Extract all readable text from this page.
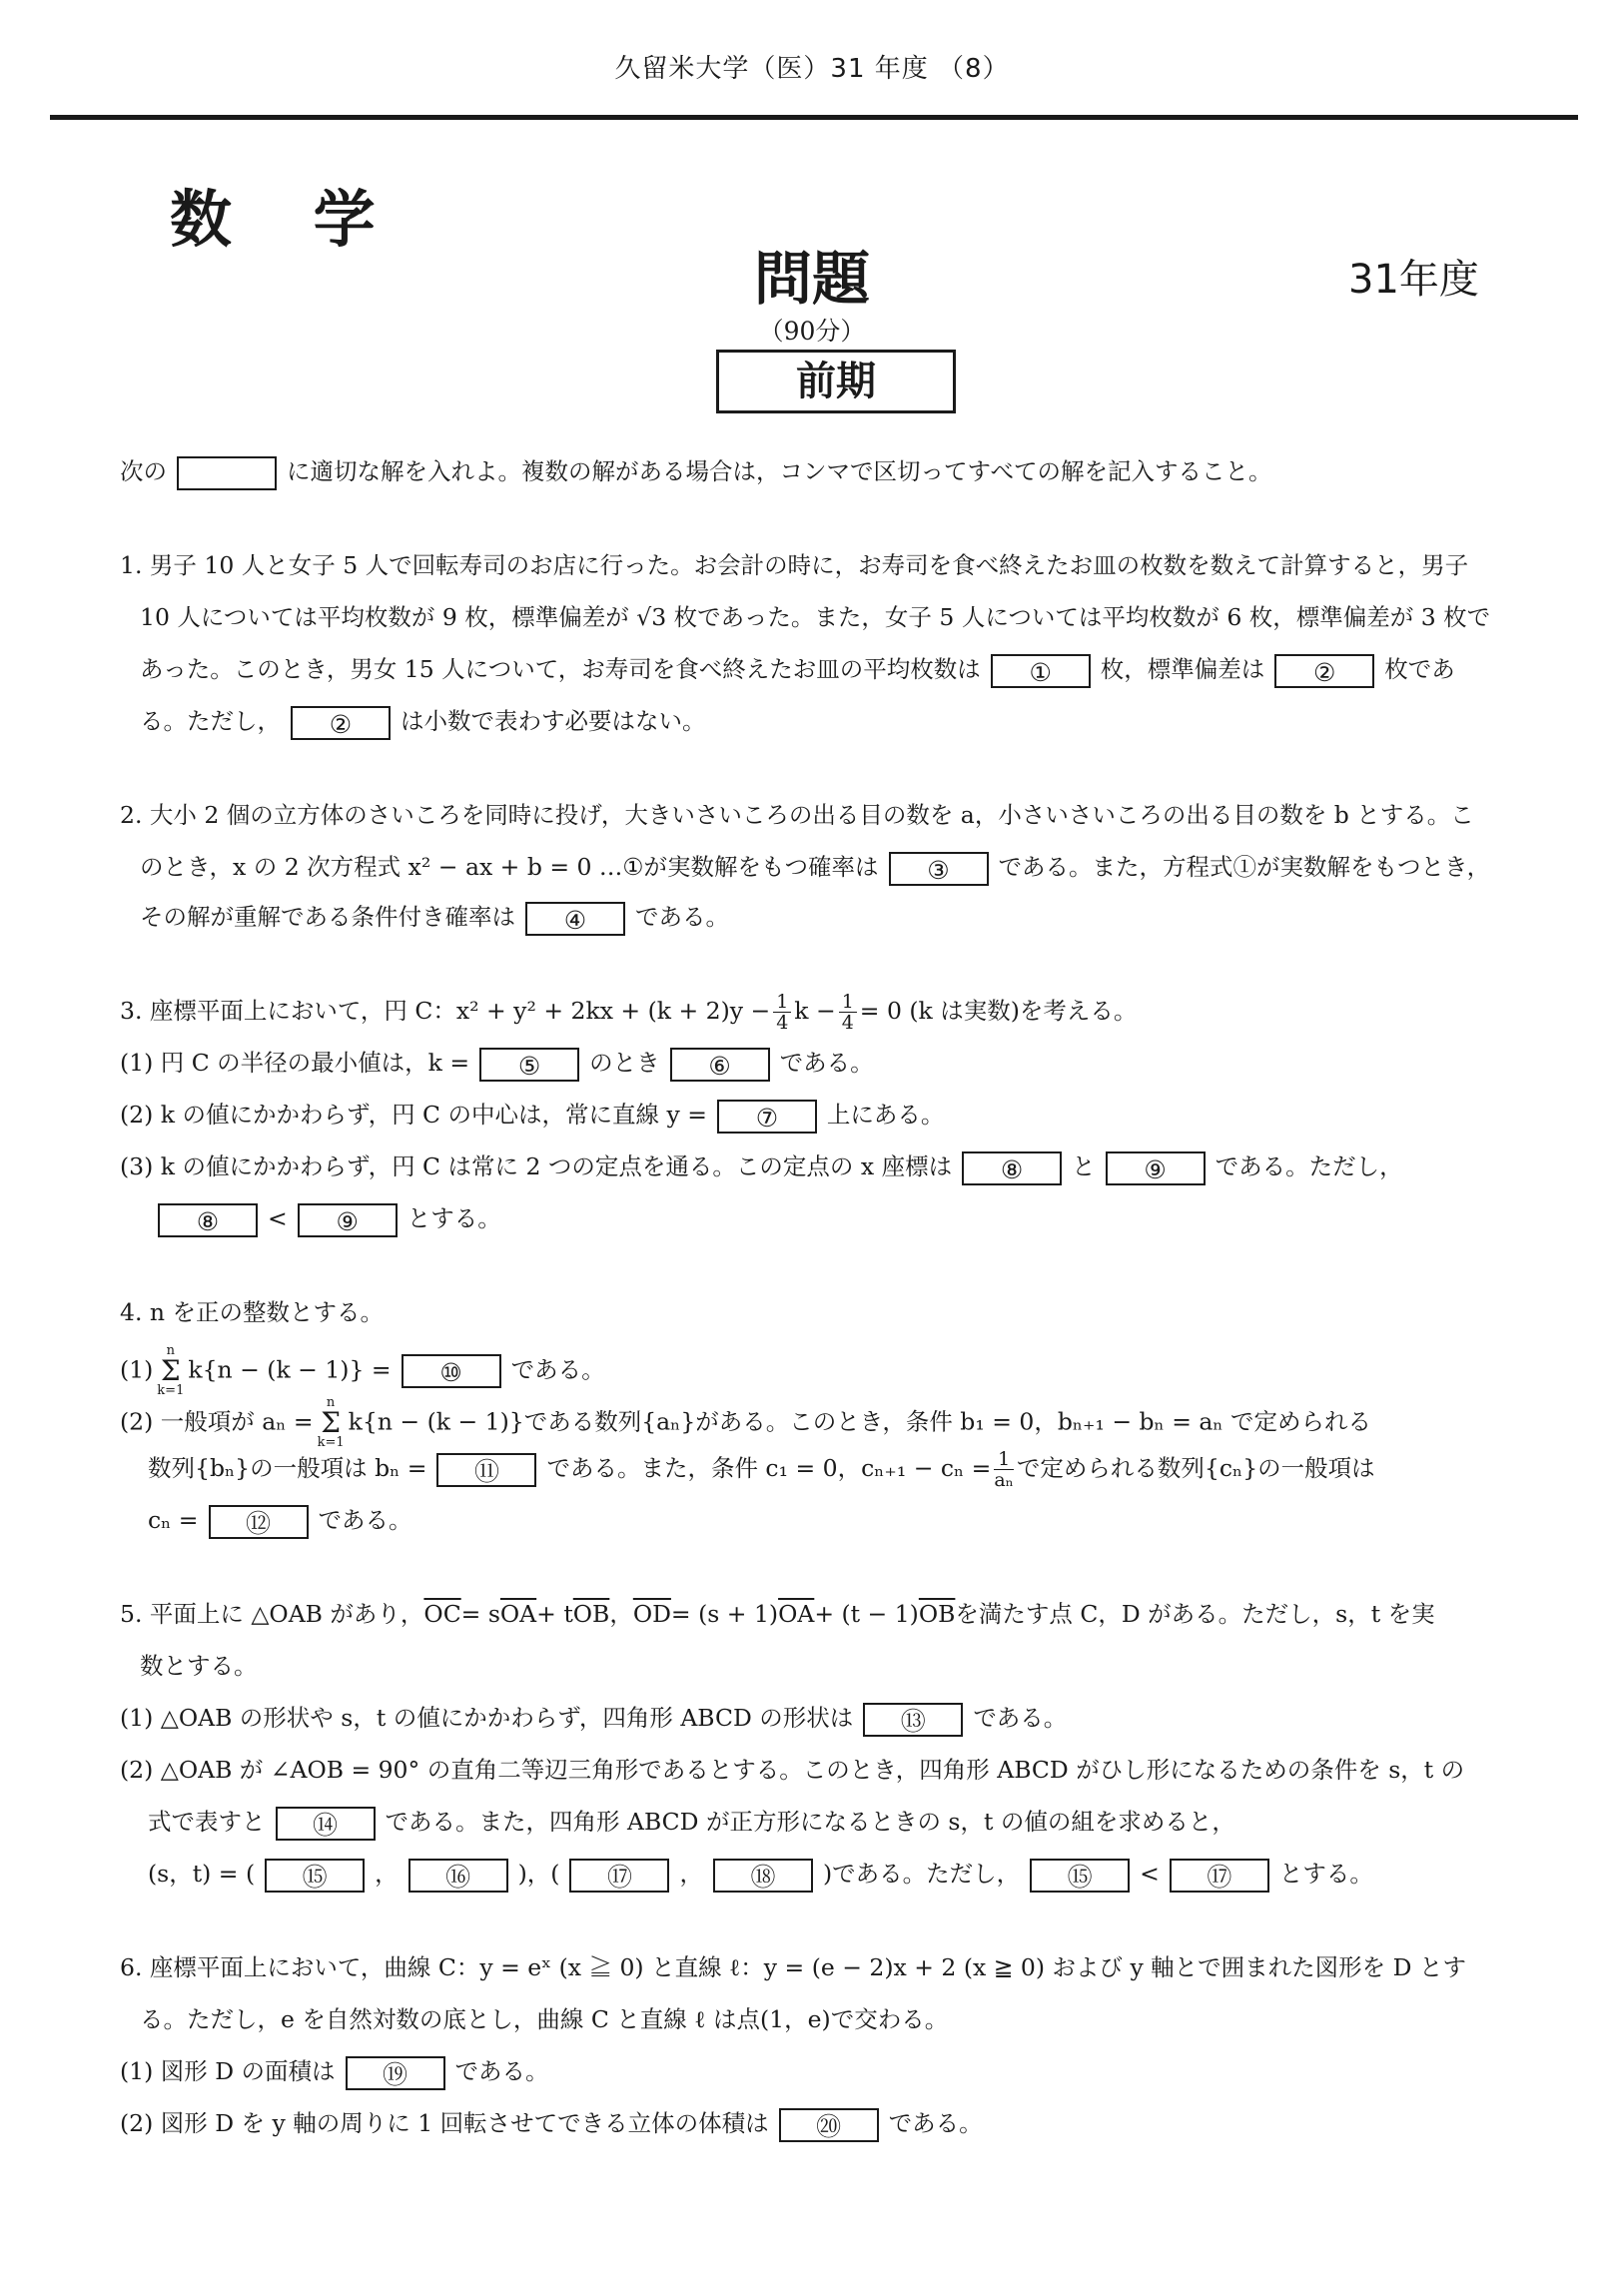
久留米大学（医）31 年度 （8）
数 学
問題	31年度
（90分）
前期
次の	に適切な解を入れよ。複数の解がある場合は，コンマで区切ってすべての解を記入すること。
1. 男子 10 人と女子 5 人で回転寿司のお店に行った。お会計の時に，お寿司を食べ終えたお皿の枚数を数えて計算すると，男子
10 人については平均枚数が 9 枚，標準偏差が √3 枚であった。また，女子 5 人については平均枚数が 6 枚，標準偏差が 3 枚で
あった。このとき，男女 15 人について，お寿司を食べ終えたお皿の平均枚数は ① 枚，標準偏差は ② 枚であ
る。ただし， ② は小数で表わす必要はない。
2. 大小 2 個の立方体のさいころを同時に投げ，大きいさいころの出る目の数を a，小さいさいころの出る目の数を b とする。こ
のとき，x の 2 次方程式 x² − ax + b = 0 …①が実数解をもつ確率は ③ である。また，方程式①が実数解をもつとき，
その解が重解である条件付き確率は ④ である。
3. 座標平面上において，円 C：$x^2 + y^2 + 2kx + (k + 2)y - \frac{1}{4}$ $k - \frac{1}{4} = 0$ (k は実数)を考える。
(1) 円 C の半径の最小値は，k = ⑤ のとき ⑥ である。
(2) k の値にかかわらず，円 C の中心は，常に直線 y = ⑦ 上にある。
(3) k の値にかかわらず，円 C は常に 2 つの定点を通る。この定点の x 座標は ⑧ と ⑨ である。ただし，
⑧ < ⑨ とする。
4. n を正の整数とする。
(1)n
Σ
k=1k{n − (k − 1)} = ⑩ である。
(2) 一般項が aₙ =n
Σ
k=1k{n − (k − 1)}である数列{aₙ}がある。このとき，条件 b₁ = 0，bₙ₊₁ − bₙ = aₙ で定められる
数列{bₙ}の一般項は bₙ = ⑪ である。また，条件 c₁ = 0，$c_{n+1} - c_n = \frac{1}{\text{aₙ}}$ で定められる数列{cₙ}の一般項は
cₙ = ⑫ である。
5. 平面上に △OAB があり，$\overline{OC}= s\overline{OA}+ t\overline{OB}$，$\overline{OD}= (s + 1)\overline{OA}+ (t - 1)\overline{OB}$を満たす点 C，D がある。ただし，s，t を実
数とする。
(1) △OAB の形状や s，t の値にかかわらず，四角形 ABCD の形状は ⑬ である。
(2) △OAB が ∠AOB = 90° の直角二等辺三角形であるとする。このとき，四角形 ABCD がひし形になるための条件を s，t の
式で表すと ⑭ である。また，四角形 ABCD が正方形になるときの s，t の値の組を求めると，
(s，t) = ( ⑮ ， ⑯ )，( ⑰ ， ⑱ )である。ただし， ⑮ < ⑰ とする。
6. 座標平面上において，曲線 C：y = eˣ (x ≧ 0) と直線 ℓ：y = (e − 2)x + 2 (x ≧ 0) および y 軸とで囲まれた図形を D とす
る。ただし，e を自然対数の底とし，曲線 C と直線 ℓ は点(1，e)で交わる。
(1) 図形 D の面積は ⑲ である。
(2) 図形 D を y 軸の周りに 1 回転させてできる立体の体積は ⑳ である。
